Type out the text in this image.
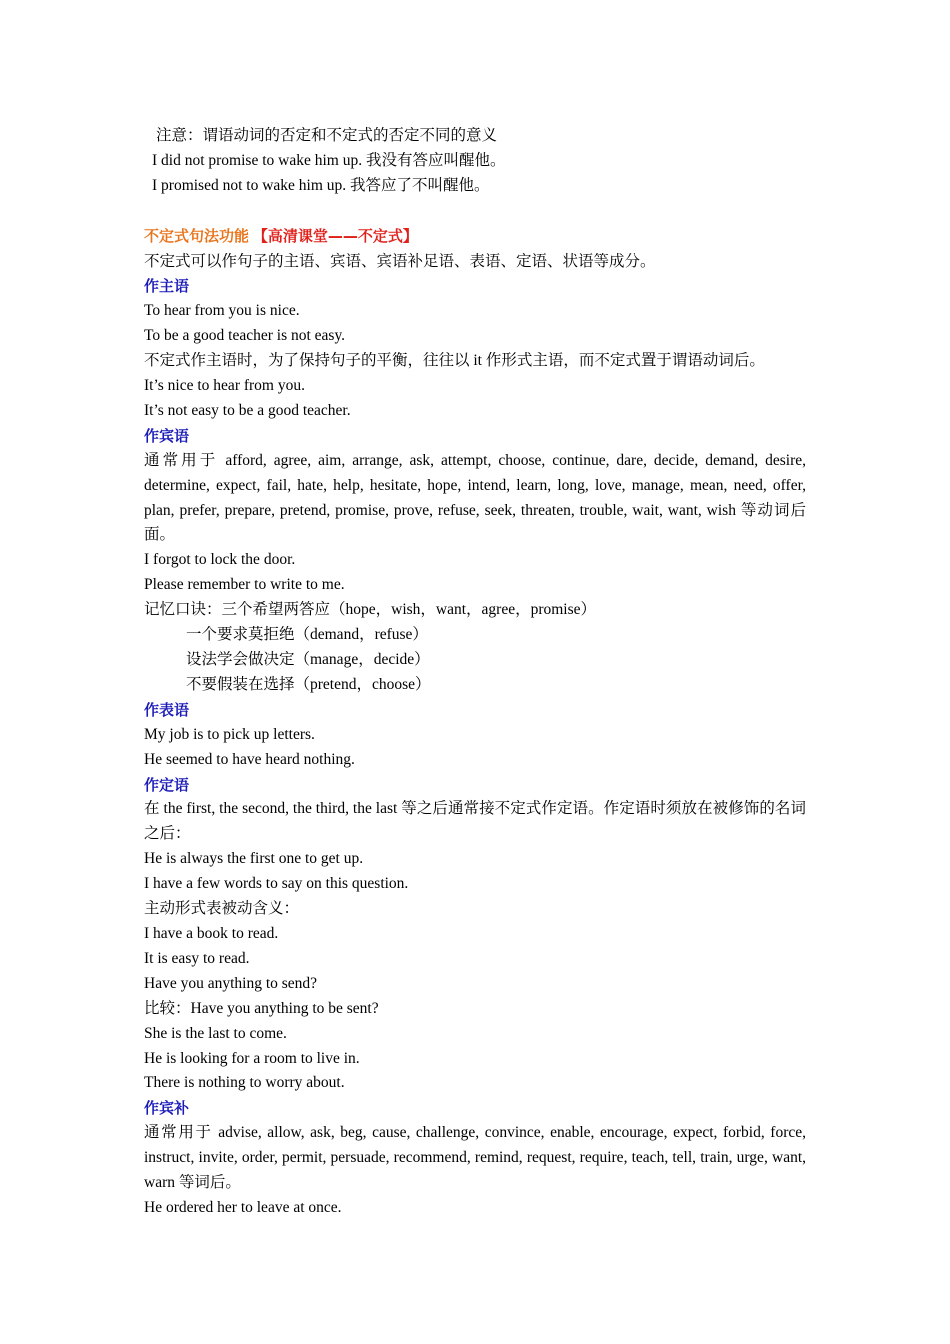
注意：谓语动词的否定和不定式的否定不同的意义
I did not promise to wake him up. 我没有答应叫醒他。
I promised not to wake him up. 我答应了不叫醒他。
不定式句法功能 【高清课堂——不定式】
不定式可以作句子的主语、宾语、宾语补足语、表语、定语、状语等成分。
作主语
To hear from you is nice.
To be a good teacher is not easy.
不定式作主语时，为了保持句子的平衡，往往以 it 作形式主语，而不定式置于谓语动词后。
It’s nice to hear from you.
It’s not easy to be a good teacher.
作宾语
通常用于 afford, agree, aim, arrange, ask, attempt, choose, continue, dare, decide, demand, desire, determine, expect, fail, hate, help, hesitate, hope, intend, learn, long, love, manage, mean, need, offer, plan, prefer, prepare, pretend, promise, prove, refuse, seek, threaten, trouble, wait, want, wish 等动词后面。
I forgot to lock the door.
Please remember to write to me.
记忆口诀：三个希望两答应（hope，wish，want，agree，promise）
一个要求莫拒绝（demand，refuse）
设法学会做决定（manage，decide）
不要假装在选择（pretend，choose）
作表语
My job is to pick up letters.
He seemed to have heard nothing.
作定语
在 the first, the second, the third, the last 等之后通常接不定式作定语。作定语时须放在被修饰的名词之后：
He is always the first one to get up.
I have a few words to say on this question.
主动形式表被动含义：
I have a book to read.
It is easy to read.
Have you anything to send?
比较：Have you anything to be sent?
She is the last to come.
He is looking for a room to live in.
There is nothing to worry about.
作宾补
通常用于 advise, allow, ask, beg, cause, challenge, convince, enable, encourage, expect, forbid, force, instruct, invite, order, permit, persuade, recommend, remind, request, require, teach, tell, train, urge, want, warn 等词后。
He ordered her to leave at once.
